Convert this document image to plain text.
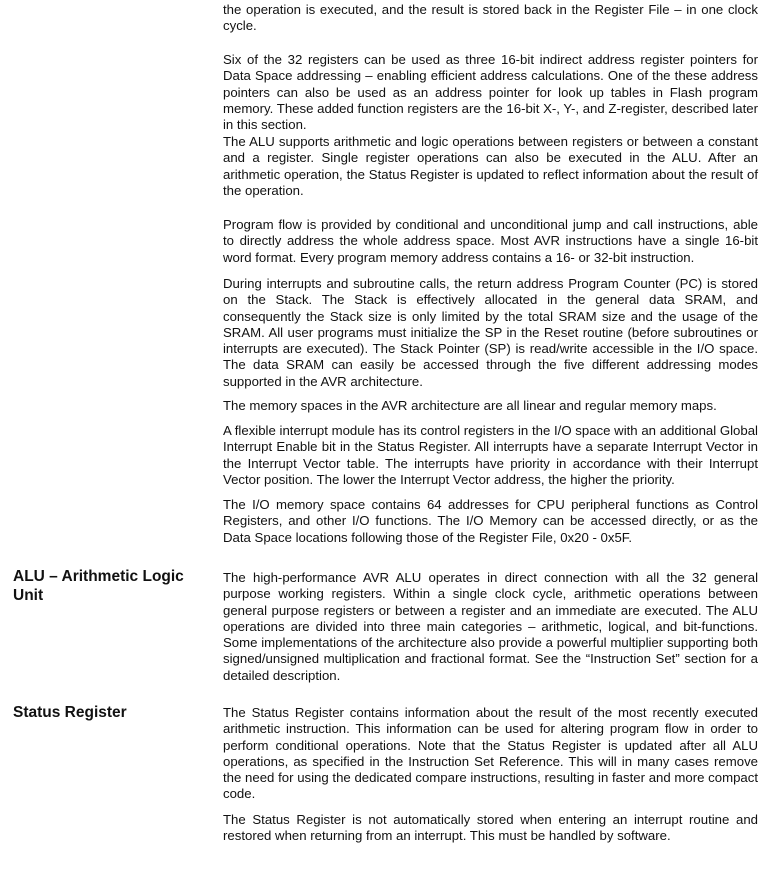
the operation is executed, and the result is stored back in the Register File – in one clock cycle.

Six of the 32 registers can be used as three 16-bit indirect address register pointers for Data Space addressing – enabling efficient address calculations. One of the these address pointers can also be used as an address pointer for look up tables in Flash program memory. These added function registers are the 16-bit X-, Y-, and Z-register, described later in this section.

The ALU supports arithmetic and logic operations between registers or between a constant and a register. Single register operations can also be executed in the ALU. After an arithmetic operation, the Status Register is updated to reflect information about the result of the operation.

Program flow is provided by conditional and unconditional jump and call instructions, able to directly address the whole address space. Most AVR instructions have a single 16-bit word format. Every program memory address contains a 16- or 32-bit instruction.

During interrupts and subroutine calls, the return address Program Counter (PC) is stored on the Stack. The Stack is effectively allocated in the general data SRAM, and consequently the Stack size is only limited by the total SRAM size and the usage of the SRAM. All user programs must initialize the SP in the Reset routine (before subroutines or interrupts are executed). The Stack Pointer (SP) is read/write accessible in the I/O space. The data SRAM can easily be accessed through the five different addressing modes supported in the AVR architecture.

The memory spaces in the AVR architecture are all linear and regular memory maps.

A flexible interrupt module has its control registers in the I/O space with an additional Global Interrupt Enable bit in the Status Register. All interrupts have a separate Interrupt Vector in the Interrupt Vector table. The interrupts have priority in accordance with their Interrupt Vector position. The lower the Interrupt Vector address, the higher the priority.

The I/O memory space contains 64 addresses for CPU peripheral functions as Control Registers, and other I/O functions. The I/O Memory can be accessed directly, or as the Data Space locations following those of the Register File, 0x20 - 0x5F.

ALU – Arithmetic Logic Unit

The high-performance AVR ALU operates in direct connection with all the 32 general purpose working registers. Within a single clock cycle, arithmetic operations between general purpose registers or between a register and an immediate are executed. The ALU operations are divided into three main categories – arithmetic, logical, and bit-functions. Some implementations of the architecture also provide a powerful multiplier supporting both signed/unsigned multiplication and fractional format. See the “Instruction Set” section for a detailed description.

Status Register	The Status Register contains information about the result of the most recently executed arithmetic instruction. This information can be used for altering program flow in order to perform conditional operations. Note that the Status Register is updated after all ALU operations, as specified in the Instruction Set Reference. This will in many cases remove the need for using the dedicated compare instructions, resulting in faster and more compact code.

The Status Register is not automatically stored when entering an interrupt routine and restored when returning from an interrupt. This must be handled by software.
